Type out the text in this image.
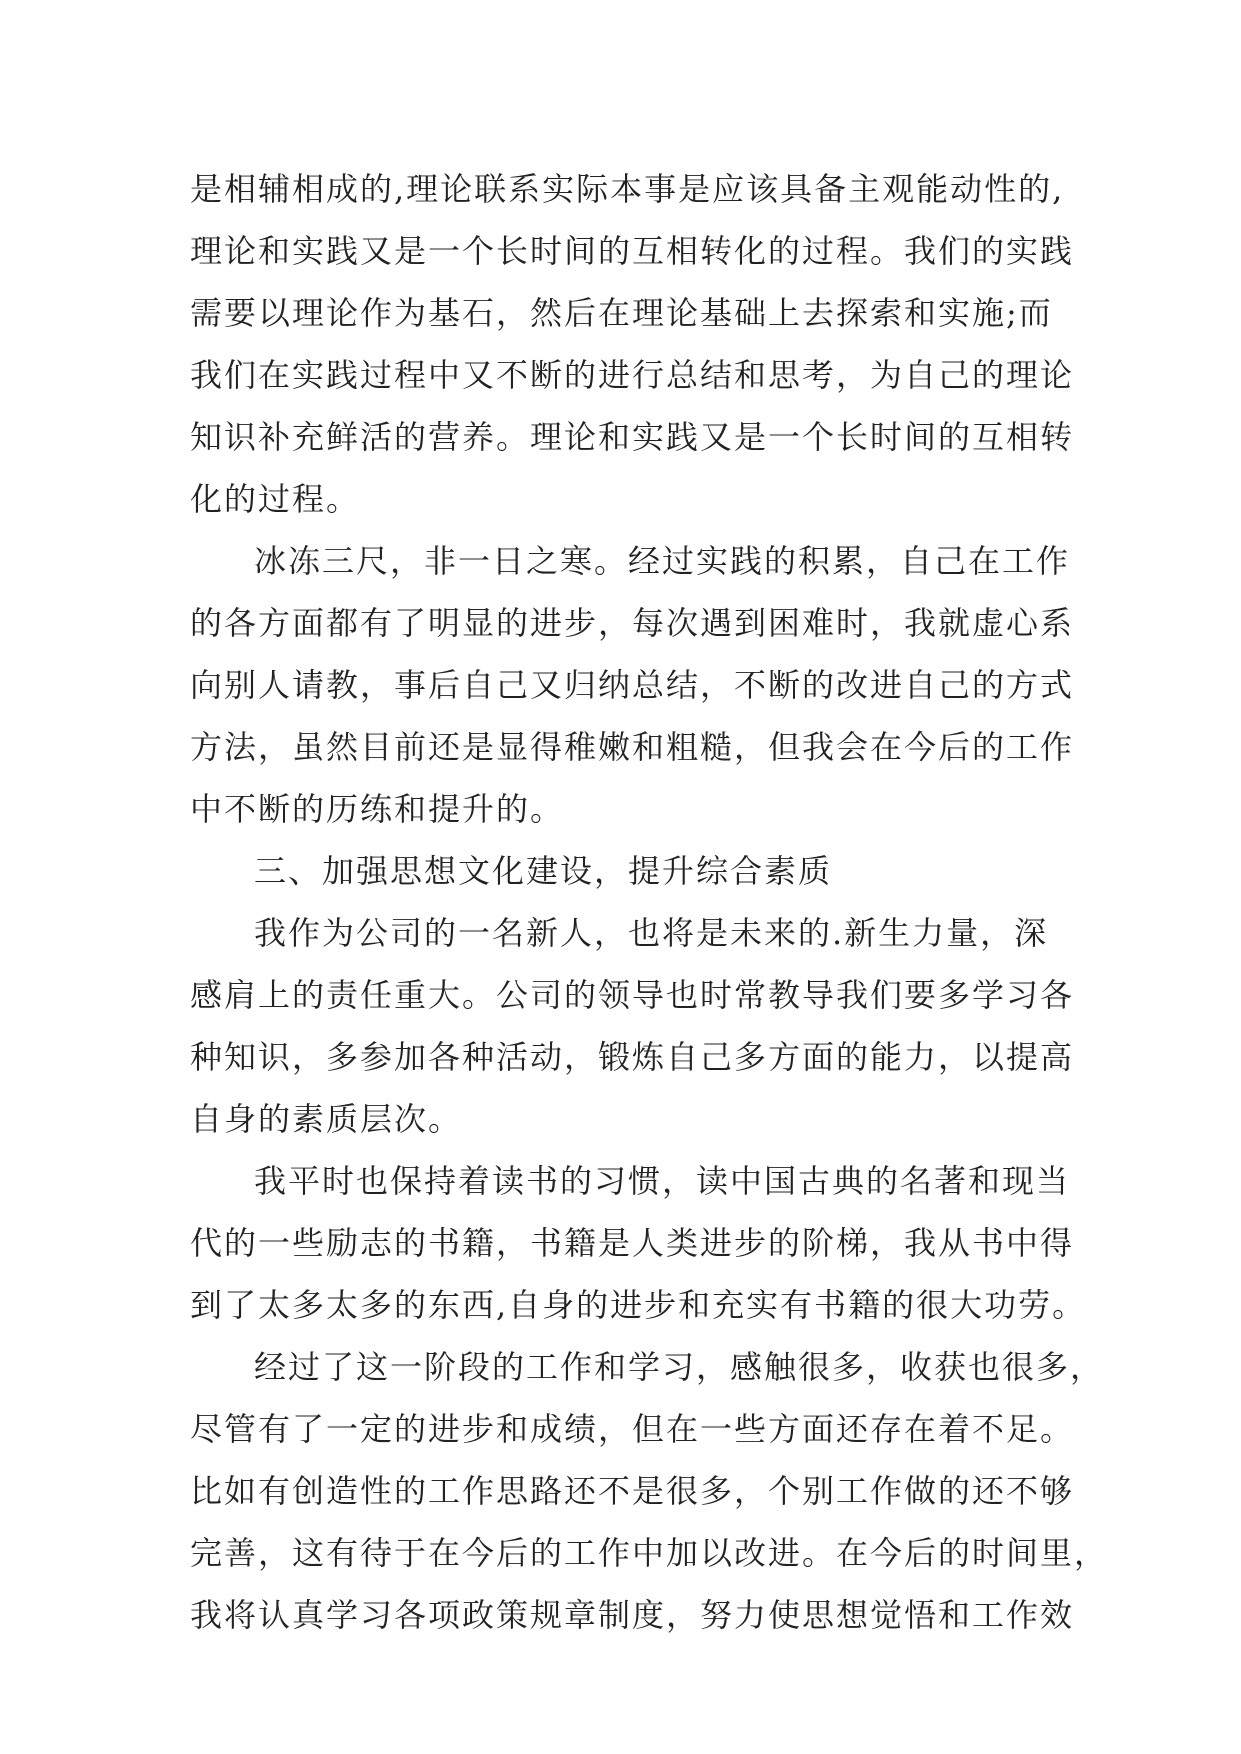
是相辅相成的,理论联系实际本事是应该具备主观能动性的,
理论和实践又是一个长时间的互相转化的过程。我们的实践
需要以理论作为基石，然后在理论基础上去探索和实施;而
我们在实践过程中又不断的进行总结和思考，为自己的理论
知识补充鲜活的营养。理论和实践又是一个长时间的互相转
化的过程。
冰冻三尺，非一日之寒。经过实践的积累，自己在工作
的各方面都有了明显的进步，每次遇到困难时，我就虚心系
向别人请教，事后自己又归纳总结，不断的改进自己的方式
方法，虽然目前还是显得稚嫩和粗糙，但我会在今后的工作
中不断的历练和提升的。
三、加强思想文化建设，提升综合素质
我作为公司的一名新人，也将是未来的.新生力量，深
感肩上的责任重大。公司的领导也时常教导我们要多学习各
种知识，多参加各种活动，锻炼自己多方面的能力，以提高
自身的素质层次。
我平时也保持着读书的习惯，读中国古典的名著和现当
代的一些励志的书籍，书籍是人类进步的阶梯，我从书中得
到了太多太多的东西,自身的进步和充实有书籍的很大功劳。
经过了这一阶段的工作和学习，感触很多，收获也很多，
尽管有了一定的进步和成绩，但在一些方面还存在着不足。
比如有创造性的工作思路还不是很多，个别工作做的还不够
完善，这有待于在今后的工作中加以改进。在今后的时间里，
我将认真学习各项政策规章制度，努力使思想觉悟和工作效
